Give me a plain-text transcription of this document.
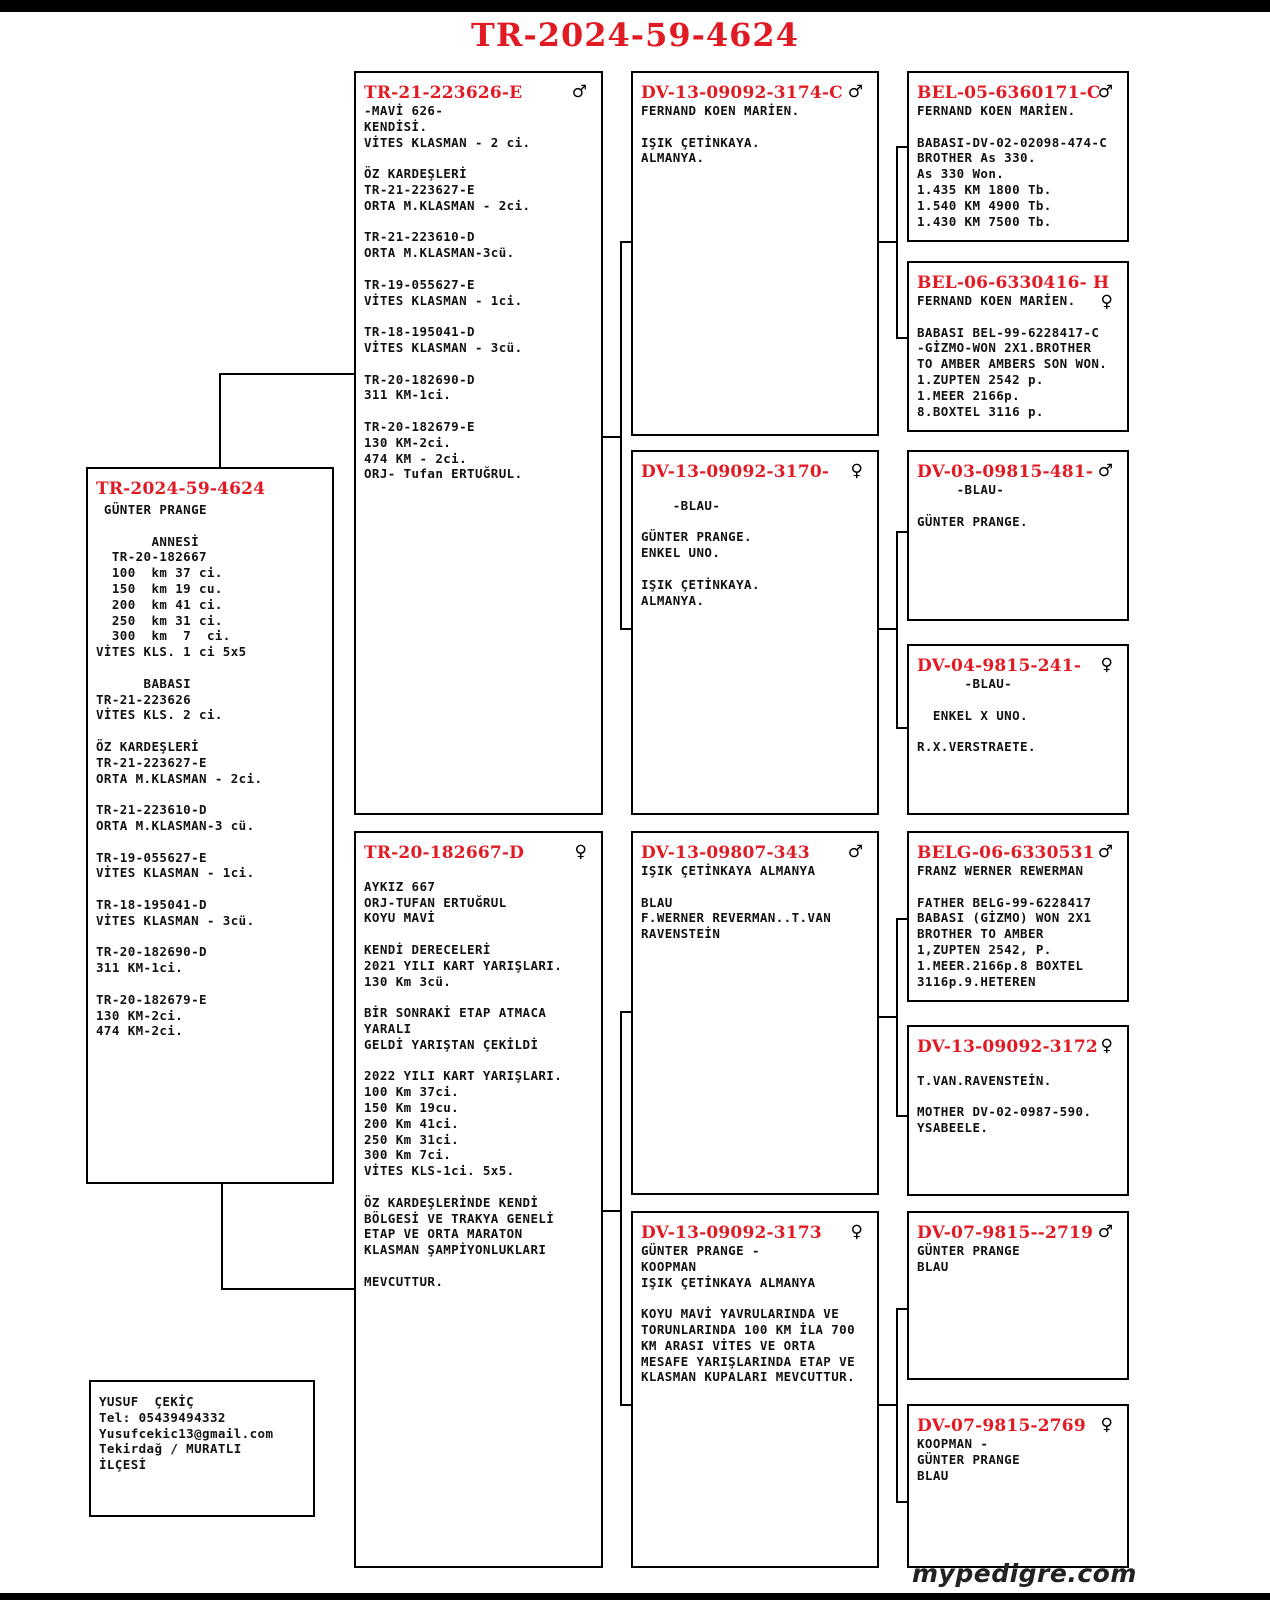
TR-2024-59-4624
TR-2024-59-4624
GÜNTER PRANGE

ANNESİ
TR-20-182667
100  km 37 ci.
150  km 19 cu.
200  km 41 ci.
250  km 31 ci.
300  km  7  ci.
VİTES KLS. 1 ci 5x5

BABASI
TR-21-223626
VİTES KLS. 2 ci.

ÖZ KARDEŞLERİ
TR-21-223627-E
ORTA M.KLASMAN - 2ci.

TR-21-223610-D
ORTA M.KLASMAN-3 cü.

TR-19-055627-E
VİTES KLASMAN - 1ci.

TR-18-195041-D
VİTES KLASMAN - 3cü.

TR-20-182690-D
311 KM-1ci.

TR-20-182679-E
130 KM-2ci.
474 KM-2ci.
TR-21-223626-E	♂
-MAVİ 626-
KENDİSİ.
VİTES KLASMAN - 2 ci.

ÖZ KARDEŞLERİ
TR-21-223627-E
ORTA M.KLASMAN - 2ci.

TR-21-223610-D
ORTA M.KLASMAN-3cü.

TR-19-055627-E
VİTES KLASMAN - 1ci.

TR-18-195041-D
VİTES KLASMAN - 3cü.

TR-20-182690-D
311 KM-1ci.

TR-20-182679-E
130 KM-2ci.
474 KM - 2ci.
ORJ- Tufan ERTUĞRUL.
TR-20-182667-D	♀

AYKIZ 667
ORJ-TUFAN ERTUĞRUL
KOYU MAVİ

KENDİ DERECELERİ
2021 YILI KART YARIŞLARI.
130 Km 3cü.

BİR SONRAKİ ETAP ATMACA
YARALI
GELDİ YARIŞTAN ÇEKİLDİ

2022 YILI KART YARIŞLARI.
100 Km 37ci.
150 Km 19cu.
200 Km 41ci.
250 Km 31ci.
300 Km 7ci.
VİTES KLS-1ci. 5x5.

ÖZ KARDEŞLERİNDE KENDİ
BÖLGESİ VE TRAKYA GENELİ
ETAP VE ORTA MARATON
KLASMAN ŞAMPİYONLUKLARI

MEVCUTTUR.
DV-13-09092-3174-C ♂
FERNAND KOEN MARİEN.

IŞIK ÇETİNKAYA.
ALMANYA.
DV-13-09092-3170-	♀

-BLAU-

GÜNTER PRANGE.
ENKEL UNO.

IŞIK ÇETİNKAYA.
ALMANYA.
DV-13-09807-343	♂
IŞIK ÇETİNKAYA ALMANYA

BLAU
F.WERNER REVERMAN..T.VAN
RAVENSTEİN
DV-13-09092-3173	♀
GÜNTER PRANGE -
KOOPMAN
IŞIK ÇETİNKAYA ALMANYA

KOYU MAVİ YAVRULARINDA VE
TORUNLARINDA 100 KM İLA 700
KM ARASI VİTES VE ORTA
MESAFE YARIŞLARINDA ETAP VE
KLASMAN KUPALARI MEVCUTTUR.
BEL-05-6360171-C
♂
FERNAND KOEN MARİEN.

BABASI-DV-02-02098-474-C
BROTHER As 330.
As 330 Won.
1.435 KM 1800 Tb.
1.540 KM 4900 Tb.
1.430 KM 7500 Tb.
BEL-06-6330416- H
♀
FERNAND KOEN MARİEN.

BABASI BEL-99-6228417-C
-GİZMO-WON 2X1.BROTHER
TO AMBER AMBERS SON WON.
1.ZUPTEN 2542 p.
1.MEER 2166p.
8.BOXTEL 3116 p.
DV-03-09815-481- ♂
-BLAU-

GÜNTER PRANGE.
DV-04-9815-241-	♀
-BLAU-

ENKEL X UNO.

R.X.VERSTRAETE.
BELG-06-6330531 ♂
FRANZ WERNER REWERMAN

FATHER BELG-99-6228417
BABASI (GİZMO) WON 2X1
BROTHER TO AMBER
1,ZUPTEN 2542, P.
1.MEER.2166p.8 BOXTEL
3116p.9.HETEREN
DV-13-09092-3172 ♀

T.VAN.RAVENSTEİN.

MOTHER DV-02-0987-590.
YSABEELE.
DV-07-9815--2719 ♂
GÜNTER PRANGE
BLAU
DV-07-9815-2769 ♀
KOOPMAN -
GÜNTER PRANGE
BLAU
YUSUF  ÇEKİÇ
Tel: 05439494332
Yusufcekic13@gmail.com
Tekirdağ / MURATLI
İLÇESİ
mypedigre.com
